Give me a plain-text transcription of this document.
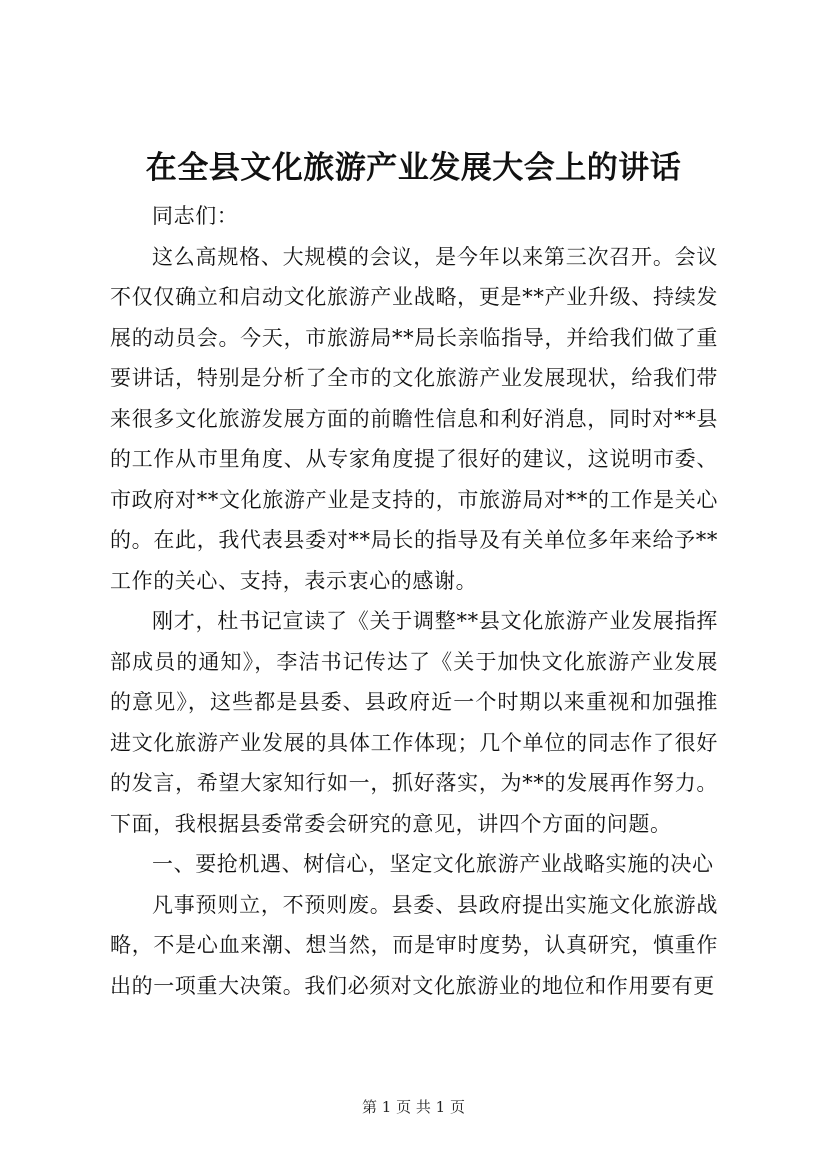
在全县文化旅游产业发展大会上的讲话

同志们：

这么高规格、大规模的会议，是今年以来第三次召开。会议不仅仅确立和启动文化旅游产业战略，更是**产业升级、持续发展的动员会。今天，市旅游局**局长亲临指导，并给我们做了重要讲话，特别是分析了全市的文化旅游产业发展现状，给我们带来很多文化旅游发展方面的前瞻性信息和利好消息，同时对**县的工作从市里角度、从专家角度提了很好的建议，这说明市委、市政府对**文化旅游产业是支持的，市旅游局对**的工作是关心的。在此，我代表县委对**局长的指导及有关单位多年来给予**工作的关心、支持，表示衷心的感谢。

刚才，杜书记宣读了《关于调整**县文化旅游产业发展指挥部成员的通知》，李洁书记传达了《关于加快文化旅游产业发展的意见》，这些都是县委、县政府近一个时期以来重视和加强推进文化旅游产业发展的具体工作体现；几个单位的同志作了很好的发言，希望大家知行如一，抓好落实，为**的发展再作努力。下面，我根据县委常委会研究的意见，讲四个方面的问题。

一、要抢机遇、树信心，坚定文化旅游产业战略实施的决心

凡事预则立，不预则废。县委、县政府提出实施文化旅游战略，不是心血来潮、想当然，而是审时度势，认真研究，慎重作出的一项重大决策。我们必须对文化旅游业的地位和作用要有更

第 1 页 共 1 页
